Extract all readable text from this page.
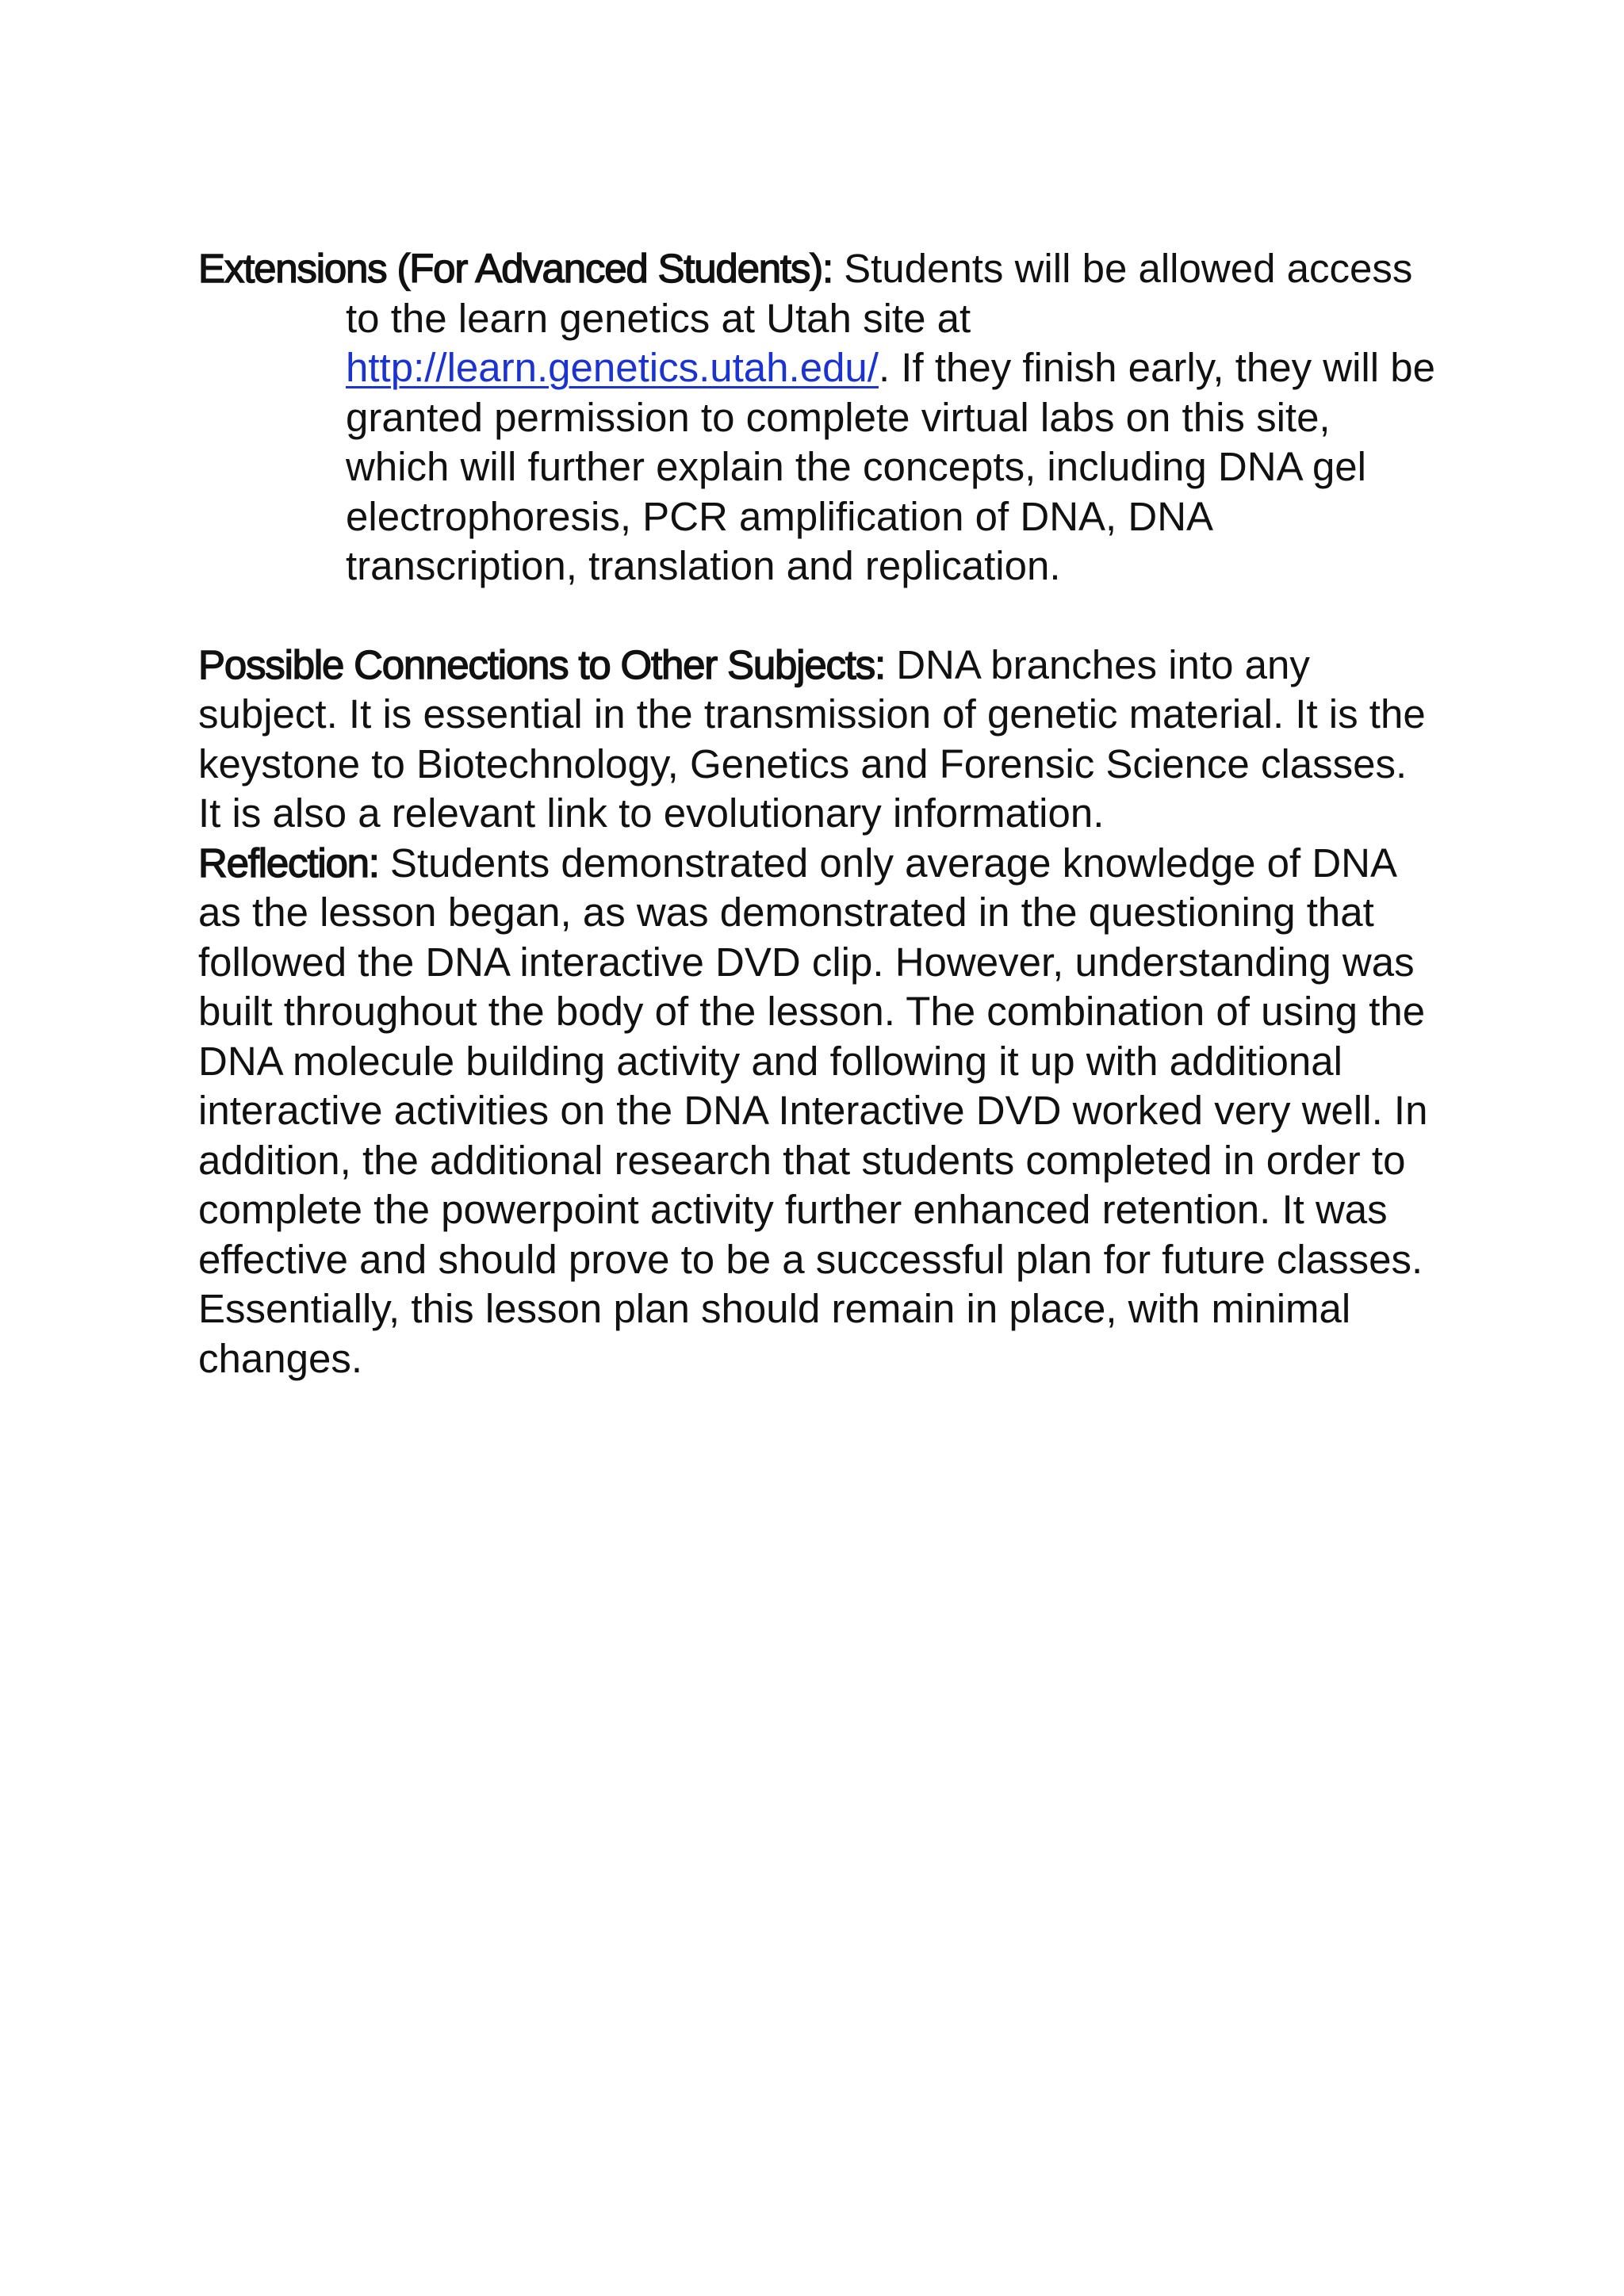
Extensions (For Advanced Students): Students will be allowed access to the learn genetics at Utah site at http://learn.genetics.utah.edu/. If they finish early, they will be granted permission to complete virtual labs on this site, which will further explain the concepts, including DNA gel electrophoresis, PCR amplification of DNA, DNA transcription, translation and replication.

Possible Connections to Other Subjects: DNA branches into any subject. It is essential in the transmission of genetic material. It is the keystone to Biotechnology, Genetics and Forensic Science classes. It is also a relevant link to evolutionary information.

Reflection: Students demonstrated only average knowledge of DNA as the lesson began, as was demonstrated in the questioning that followed the DNA interactive DVD clip. However, understanding was built throughout the body of the lesson. The combination of using the DNA molecule building activity and following it up with additional interactive activities on the DNA Interactive DVD worked very well. In addition, the additional research that students completed in order to complete the powerpoint activity further enhanced retention. It was effective and should prove to be a successful plan for future classes. Essentially, this lesson plan should remain in place, with minimal changes.
